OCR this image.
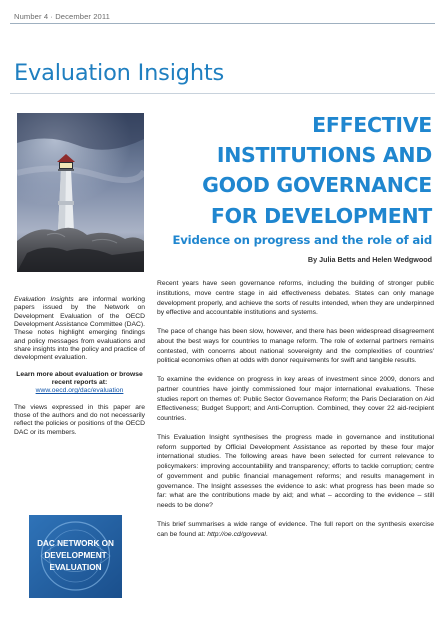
Number 4 · December 2011
Evaluation Insights
EFFECTIVE
INSTITUTIONS AND
GOOD GOVERNANCE
FOR DEVELOPMENT
Evidence on progress and the role of aid
By Julia Betts and Helen Wedgwood

Evaluation Insights are informal working papers issued by the Network on Development Evaluation of the OECD Development Assistance Committee (DAC). These notes highlight emerging findings and policy messages from evaluations and share insights into the policy and practice of development evaluation.

Learn more about evaluation or browse recent reports at:
www.oecd.org/dac/evaluation

The views expressed in this paper are those of the authors and do not necessarily reflect the policies or positions of the OECD DAC or its members.

DAC NETWORK ON
DEVELOPMENT
EVALUATION

Recent years have seen governance reforms, including the building of stronger public institutions, move centre stage in aid effectiveness debates. States can only manage development properly, and achieve the sorts of results intended, when they are underpinned by effective and accountable institutions and systems.

The pace of change has been slow, however, and there has been widespread disagreement about the best ways for countries to manage reform. The role of external partners remains contested, with concerns about national sovereignty and the complexities of countries' political economies often at odds with donor requirements for swift and tangible results.

To examine the evidence on progress in key areas of investment since 2009, donors and partner countries have jointly commissioned four major international evaluations. These studies report on themes of: Public Sector Governance Reform; the Paris Declaration on Aid Effectiveness; Budget Support; and Anti-Corruption. Combined, they cover 22 aid-recipient countries.

This Evaluation Insight synthesises the progress made in governance and institutional reform supported by Official Development Assistance as reported by these four major international studies. The following areas have been selected for current relevance to policymakers: improving accountability and transparency; efforts to tackle corruption; centre of government and public financial management reforms; and results management in governance. The Insight assesses the evidence to ask: what progress has been made so far: what are the contributions made by aid; and what – according to the evidence – still needs to be done?

This brief summarises a wide range of evidence. The full report on the synthesis exercise can be found at: http://oe.cd/goveval.
